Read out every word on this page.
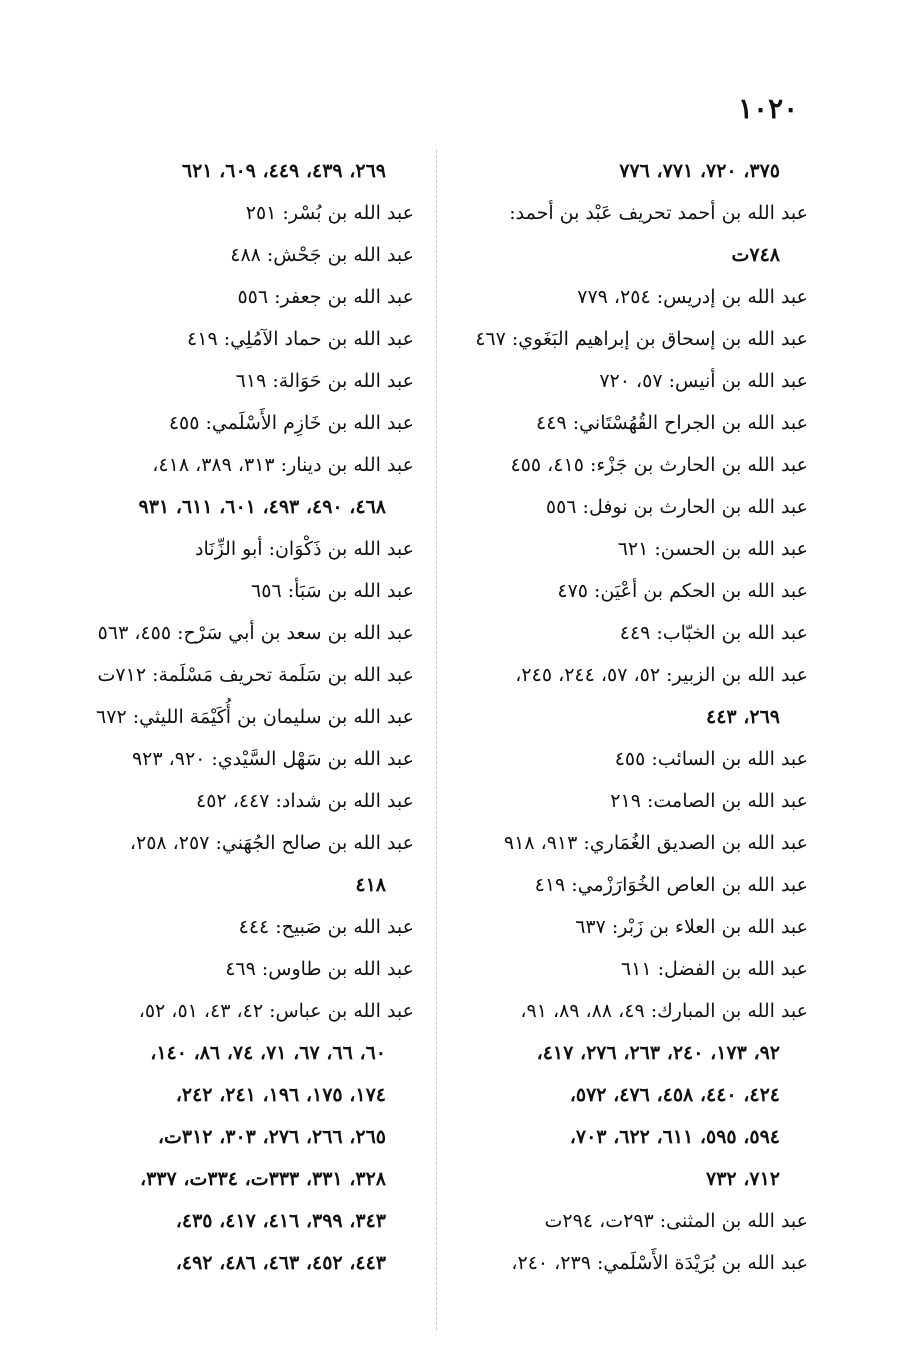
١٠٢٠
٣٧٥، ٧٢٠، ٧٧١، ٧٧٦
عبد الله بن أحمد تحريف عَبْد بن أحمد:
٧٤٨ت
عبد الله بن إدريس: ٢٥٤، ٧٧٩
عبد الله بن إسحاق بن إبراهيم البَغَوي: ٤٦٧
عبد الله بن أنيس: ٥٧، ٧٢٠
عبد الله بن الجراح القُهُسْتَاني: ٤٤٩
عبد الله بن الحارث بن جَزْء: ٤١٥، ٤٥٥
عبد الله بن الحارث بن نوفل: ٥٥٦
عبد الله بن الحسن: ٦٢١
عبد الله بن الحكم بن أعْيَن: ٤٧٥
عبد الله بن الخبّاب: ٤٤٩
عبد الله بن الزبير: ٥٢، ٥٧، ٢٤٤، ٢٤٥،
٢٦٩، ٤٤٣
عبد الله بن السائب: ٤٥٥
عبد الله بن الصامت: ٢١٩
عبد الله بن الصديق الغُمَاري: ٩١٣، ٩١٨
عبد الله بن العاص الخُوَارَزْمي: ٤١٩
عبد الله بن العلاء بن زَبْر: ٦٣٧
عبد الله بن الفضل: ٦١١
عبد الله بن المبارك: ٤٩، ٨٨، ٨٩، ٩١،
٩٢، ١٧٣، ٢٤٠، ٢٦٣، ٢٧٦، ٤١٧،
٤٢٤، ٤٤٠، ٤٥٨، ٤٧٦، ٥٧٢،
٥٩٤، ٥٩٥، ٦١١، ٦٢٢، ٧٠٣،
٧١٢، ٧٣٢
عبد الله بن المثنى: ٢٩٣ت، ٢٩٤ت
عبد الله بن بُرَيْدَة الأَسْلَمي: ٢٣٩، ٢٤٠،
٢٦٩، ٤٣٩، ٤٤٩، ٦٠٩، ٦٢١
عبد الله بن بُسْر: ٢٥١
عبد الله بن جَحْش: ٤٨٨
عبد الله بن جعفر: ٥٥٦
عبد الله بن حماد الآمُلِي: ٤١٩
عبد الله بن حَوَالة: ٦١٩
عبد الله بن خَازِم الأَسْلَمي: ٤٥٥
عبد الله بن دينار: ٣١٣، ٣٨٩، ٤١٨،
٤٦٨، ٤٩٠، ٤٩٣، ٦٠١، ٦١١، ٩٣١
عبد الله بن ذَكْوَان: أبو الزِّنَاد
عبد الله بن سَبَأ: ٦٥٦
عبد الله بن سعد بن أبي سَرْح: ٤٥٥، ٥٦٣
عبد الله بن سَلَمة تحريف مَسْلَمة: ٧١٢ت
عبد الله بن سليمان بن أُكَيْمَة الليثي: ٦٧٢
عبد الله بن سَهْل السَّيْدي: ٩٢٠، ٩٢٣
عبد الله بن شداد: ٤٤٧، ٤٥٢
عبد الله بن صالح الجُهَني: ٢٥٧، ٢٥٨،
٤١٨
عبد الله بن صَبيح: ٤٤٤
عبد الله بن طاوس: ٤٦٩
عبد الله بن عباس: ٤٢، ٤٣، ٥١، ٥٢،
٦٠، ٦٦، ٦٧، ٧١، ٧٤، ٨٦، ١٤٠،
١٧٤، ١٧٥، ١٩٦، ٢٤١، ٢٤٢،
٢٦٥، ٢٦٦، ٢٧٦، ٣٠٣، ٣١٢ت،
٣٢٨، ٣٣١، ٣٣٣ت، ٣٣٤ت، ٣٣٧،
٣٤٣، ٣٩٩، ٤١٦، ٤١٧، ٤٣٥،
٤٤٣، ٤٥٢، ٤٦٣، ٤٨٦، ٤٩٢،
